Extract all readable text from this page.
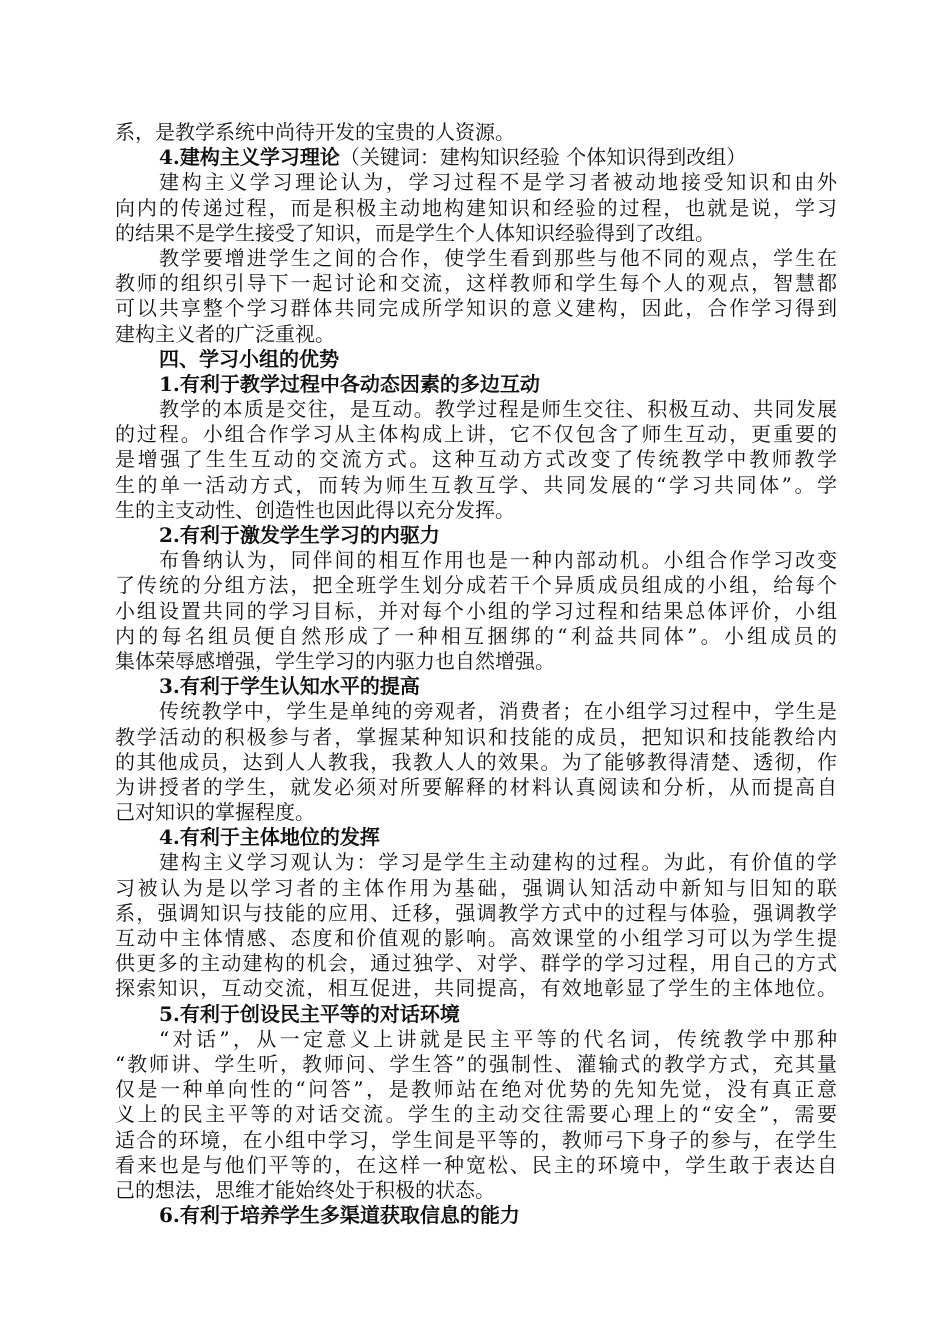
系，是教学系统中尚待开发的宝贵的人资源。
4.建构主义学习理论（关键词：建构知识经验 个体知识得到改组）
建构主义学习理论认为，学习过程不是学习者被动地接受知识和由外
向内的传递过程，而是积极主动地构建知识和经验的过程，也就是说，学习
的结果不是学生接受了知识，而是学生个人体知识经验得到了改组。
教学要增进学生之间的合作，使学生看到那些与他不同的观点，学生在
教师的组织引导下一起讨论和交流，这样教师和学生每个人的观点，智慧都
可以共享整个学习群体共同完成所学知识的意义建构，因此，合作学习得到
建构主义者的广泛重视。
四、学习小组的优势
1.有利于教学过程中各动态因素的多边互动
教学的本质是交往，是互动。教学过程是师生交往、积极互动、共同发展
的过程。小组合作学习从主体构成上讲，它不仅包含了师生互动，更重要的
是增强了生生互动的交流方式。这种互动方式改变了传统教学中教师教学
生的单一活动方式，而转为师生互教互学、共同发展的“学习共同体”。学
生的主支动性、创造性也因此得以充分发挥。
2.有利于激发学生学习的内驱力
布鲁纳认为，同伴间的相互作用也是一种内部动机。小组合作学习改变
了传统的分组方法，把全班学生划分成若干个异质成员组成的小组，给每个
小组设置共同的学习目标，并对每个小组的学习过程和结果总体评价，小组
内的每名组员便自然形成了一种相互捆绑的“利益共同体”。小组成员的
集体荣辱感增强，学生学习的内驱力也自然增强。
3.有利于学生认知水平的提高
传统教学中，学生是单纯的旁观者，消费者；在小组学习过程中，学生是
教学活动的积极参与者，掌握某种知识和技能的成员，把知识和技能教给内
的其他成员，达到人人教我，我教人人的效果。为了能够教得清楚、透彻，作
为讲授者的学生，就发必须对所要解释的材料认真阅读和分析，从而提高自
己对知识的掌握程度。
4.有利于主体地位的发挥
建构主义学习观认为：学习是学生主动建构的过程。为此，有价值的学
习被认为是以学习者的主体作用为基础，强调认知活动中新知与旧知的联
系，强调知识与技能的应用、迁移，强调教学方式中的过程与体验，强调教学
互动中主体情感、态度和价值观的影响。高效课堂的小组学习可以为学生提
供更多的主动建构的机会，通过独学、对学、群学的学习过程，用自己的方式
探索知识，互动交流，相互促进，共同提高，有效地彰显了学生的主体地位。
5.有利于创设民主平等的对话环境
“对话”，从一定意义上讲就是民主平等的代名词，传统教学中那种
“教师讲、学生听，教师问、学生答”的强制性、灌输式的教学方式，充其量
仅是一种单向性的“问答”，是教师站在绝对优势的先知先觉，没有真正意
义上的民主平等的对话交流。学生的主动交往需要心理上的“安全”，需要
适合的环境，在小组中学习，学生间是平等的，教师弓下身子的参与，在学生
看来也是与他们平等的，在这样一种宽松、民主的环境中，学生敢于表达自
己的想法，思维才能始终处于积极的状态。
6.有利于培养学生多渠道获取信息的能力
